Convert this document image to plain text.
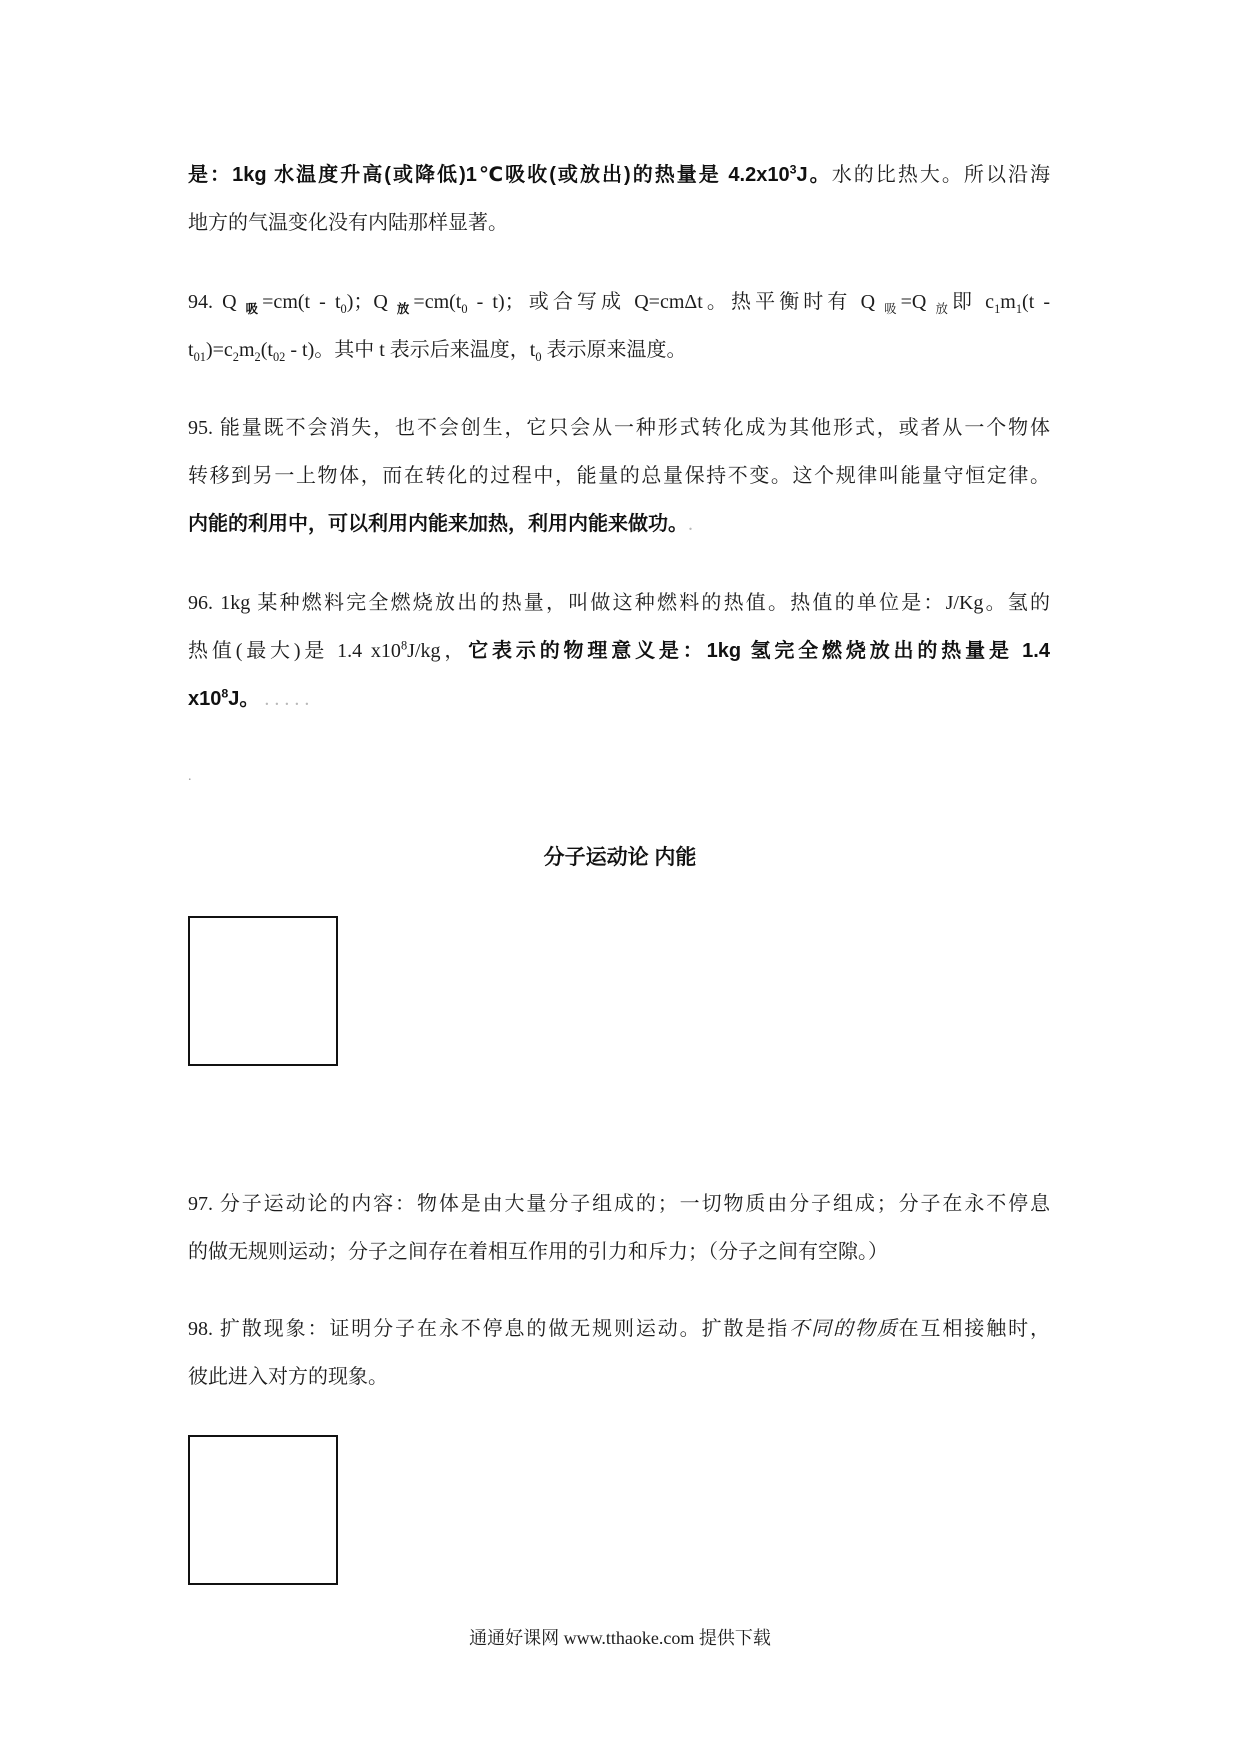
是：1kg 水温度升高(或降低)1℃吸收(或放出)的热量是 $4.2x10^3J$。水的比热大。所以沿海
地方的气温变化没有内陆那样显著。
94. Q $_吸=cm(t - t_0)$；Q $_放=cm(t_0 - t)$；或合写成 Q=cmΔt。热平衡时有 Q $_吸$=Q $_放$即 $c_1m_1(t$ -
$t_{01})=c_2m_2(t_{02} - t)$。其中 t 表示后来温度，$t_0$ 表示原来温度。
95. 能量既不会消失，也不会创生，它只会从一种形式转化成为其他形式，或者从一个物体
转移到另一上物体，而在转化的过程中，能量的总量保持不变。这个规律叫能量守恒定律。
内能的利用中，可以利用内能来加热，利用内能来做功。.
96. 1kg 某种燃料完全燃烧放出的热量，叫做这种燃料的热值。热值的单位是：J/Kg。氢的
热值(最大)是 1.4 $x10^8J/kg$，它表示的物理意义是：1kg 氢完全燃烧放出的热量是 1.4
$x10^8J$。 . . . . .
97. 分子运动论的内容：物体是由大量分子组成的；一切物质由分子组成；分子在永不停息
的做无规则运动；分子之间存在着相互作用的引力和斥力；（分子之间有空隙。）
98. 扩散现象：证明分子在永不停息的做无规则运动。扩散是指不同的物质在互相接触时，
彼此进入对方的现象。
.
分子运动论 内能
通通好课网 www.tthaoke.com 提供下载
